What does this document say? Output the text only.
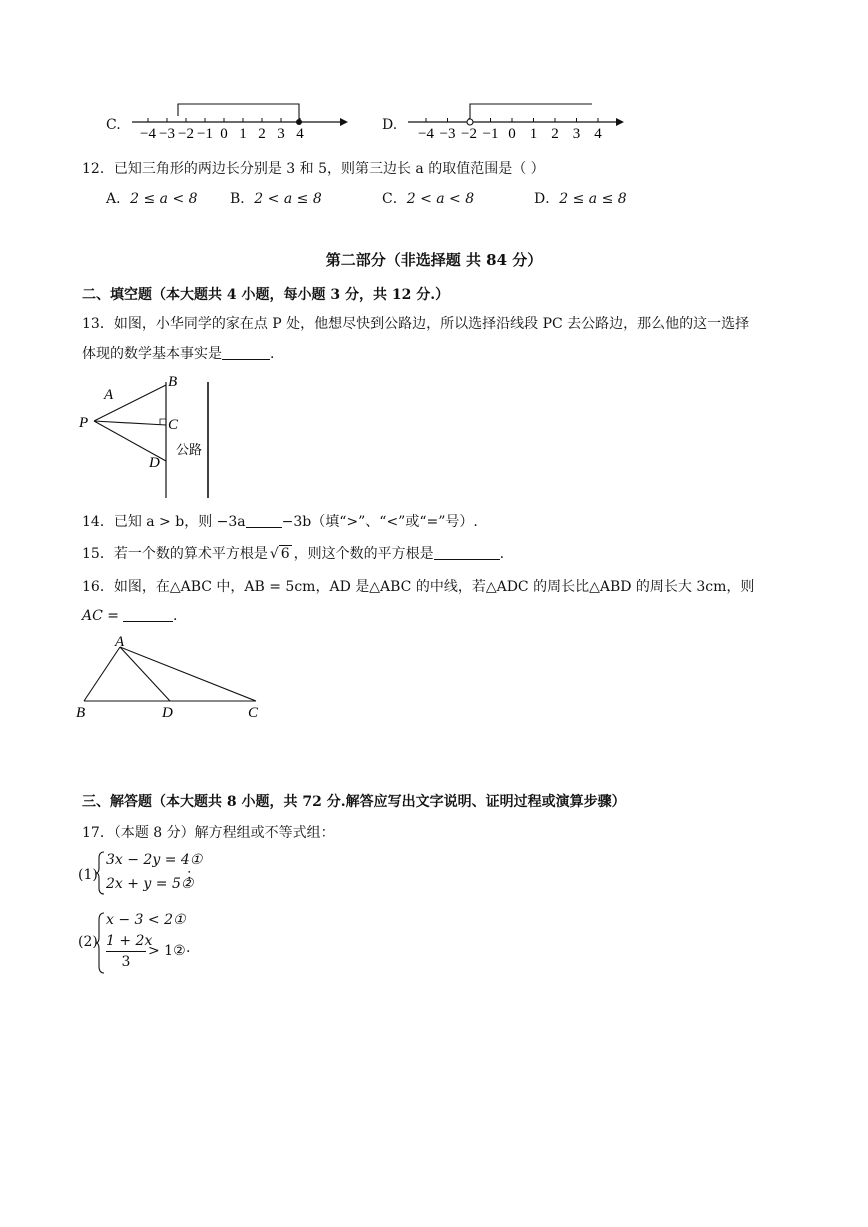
C.
−4 −3 −2 −1 0 1 2 3 4
D.
−4 −3 −2 −1 0 1 2 3 4
12．已知三角形的两边长分别是 3 和 5，则第三边长 a 的取值范围是（ ）
A．2 ≤ a < 8 B．2 < a ≤ 8	C．2 < a < 8	D．2 ≤ a ≤ 8
第二部分（非选择题 共 84 分）
二、填空题（本大题共 4 小题，每小题 3 分，共 12 分.）
13．如图，小华同学的家在点 P 处，他想尽快到公路边，所以选择沿线段 PC 去公路边，那么他的这一选择
体现的数学基本事实是	.
A
B
C
D
P
公路
14．已知 a > b，则 −3a	−3b（填“>”、“<”或“=”号）.
15．若一个数的算术平方根是 √ 6 ，则这个数的平方根是	.
16．如图，在△ABC 中，AB = 5cm，AD 是△ABC 的中线，若△ADC 的周长比△ABD 的周长大 3cm，则
AC =	.
A
B	D	C
三、解答题（本大题共 8 小题，共 72 分.解答应写出文字说明、证明过程或演算步骤）
17．（本题 8 分）解方程组或不等式组：
(1)
3x − 2y = 4①
2x + y = 5②
；
(2)
x − 3 < 2①
1 + 2x
3
> 1② .
